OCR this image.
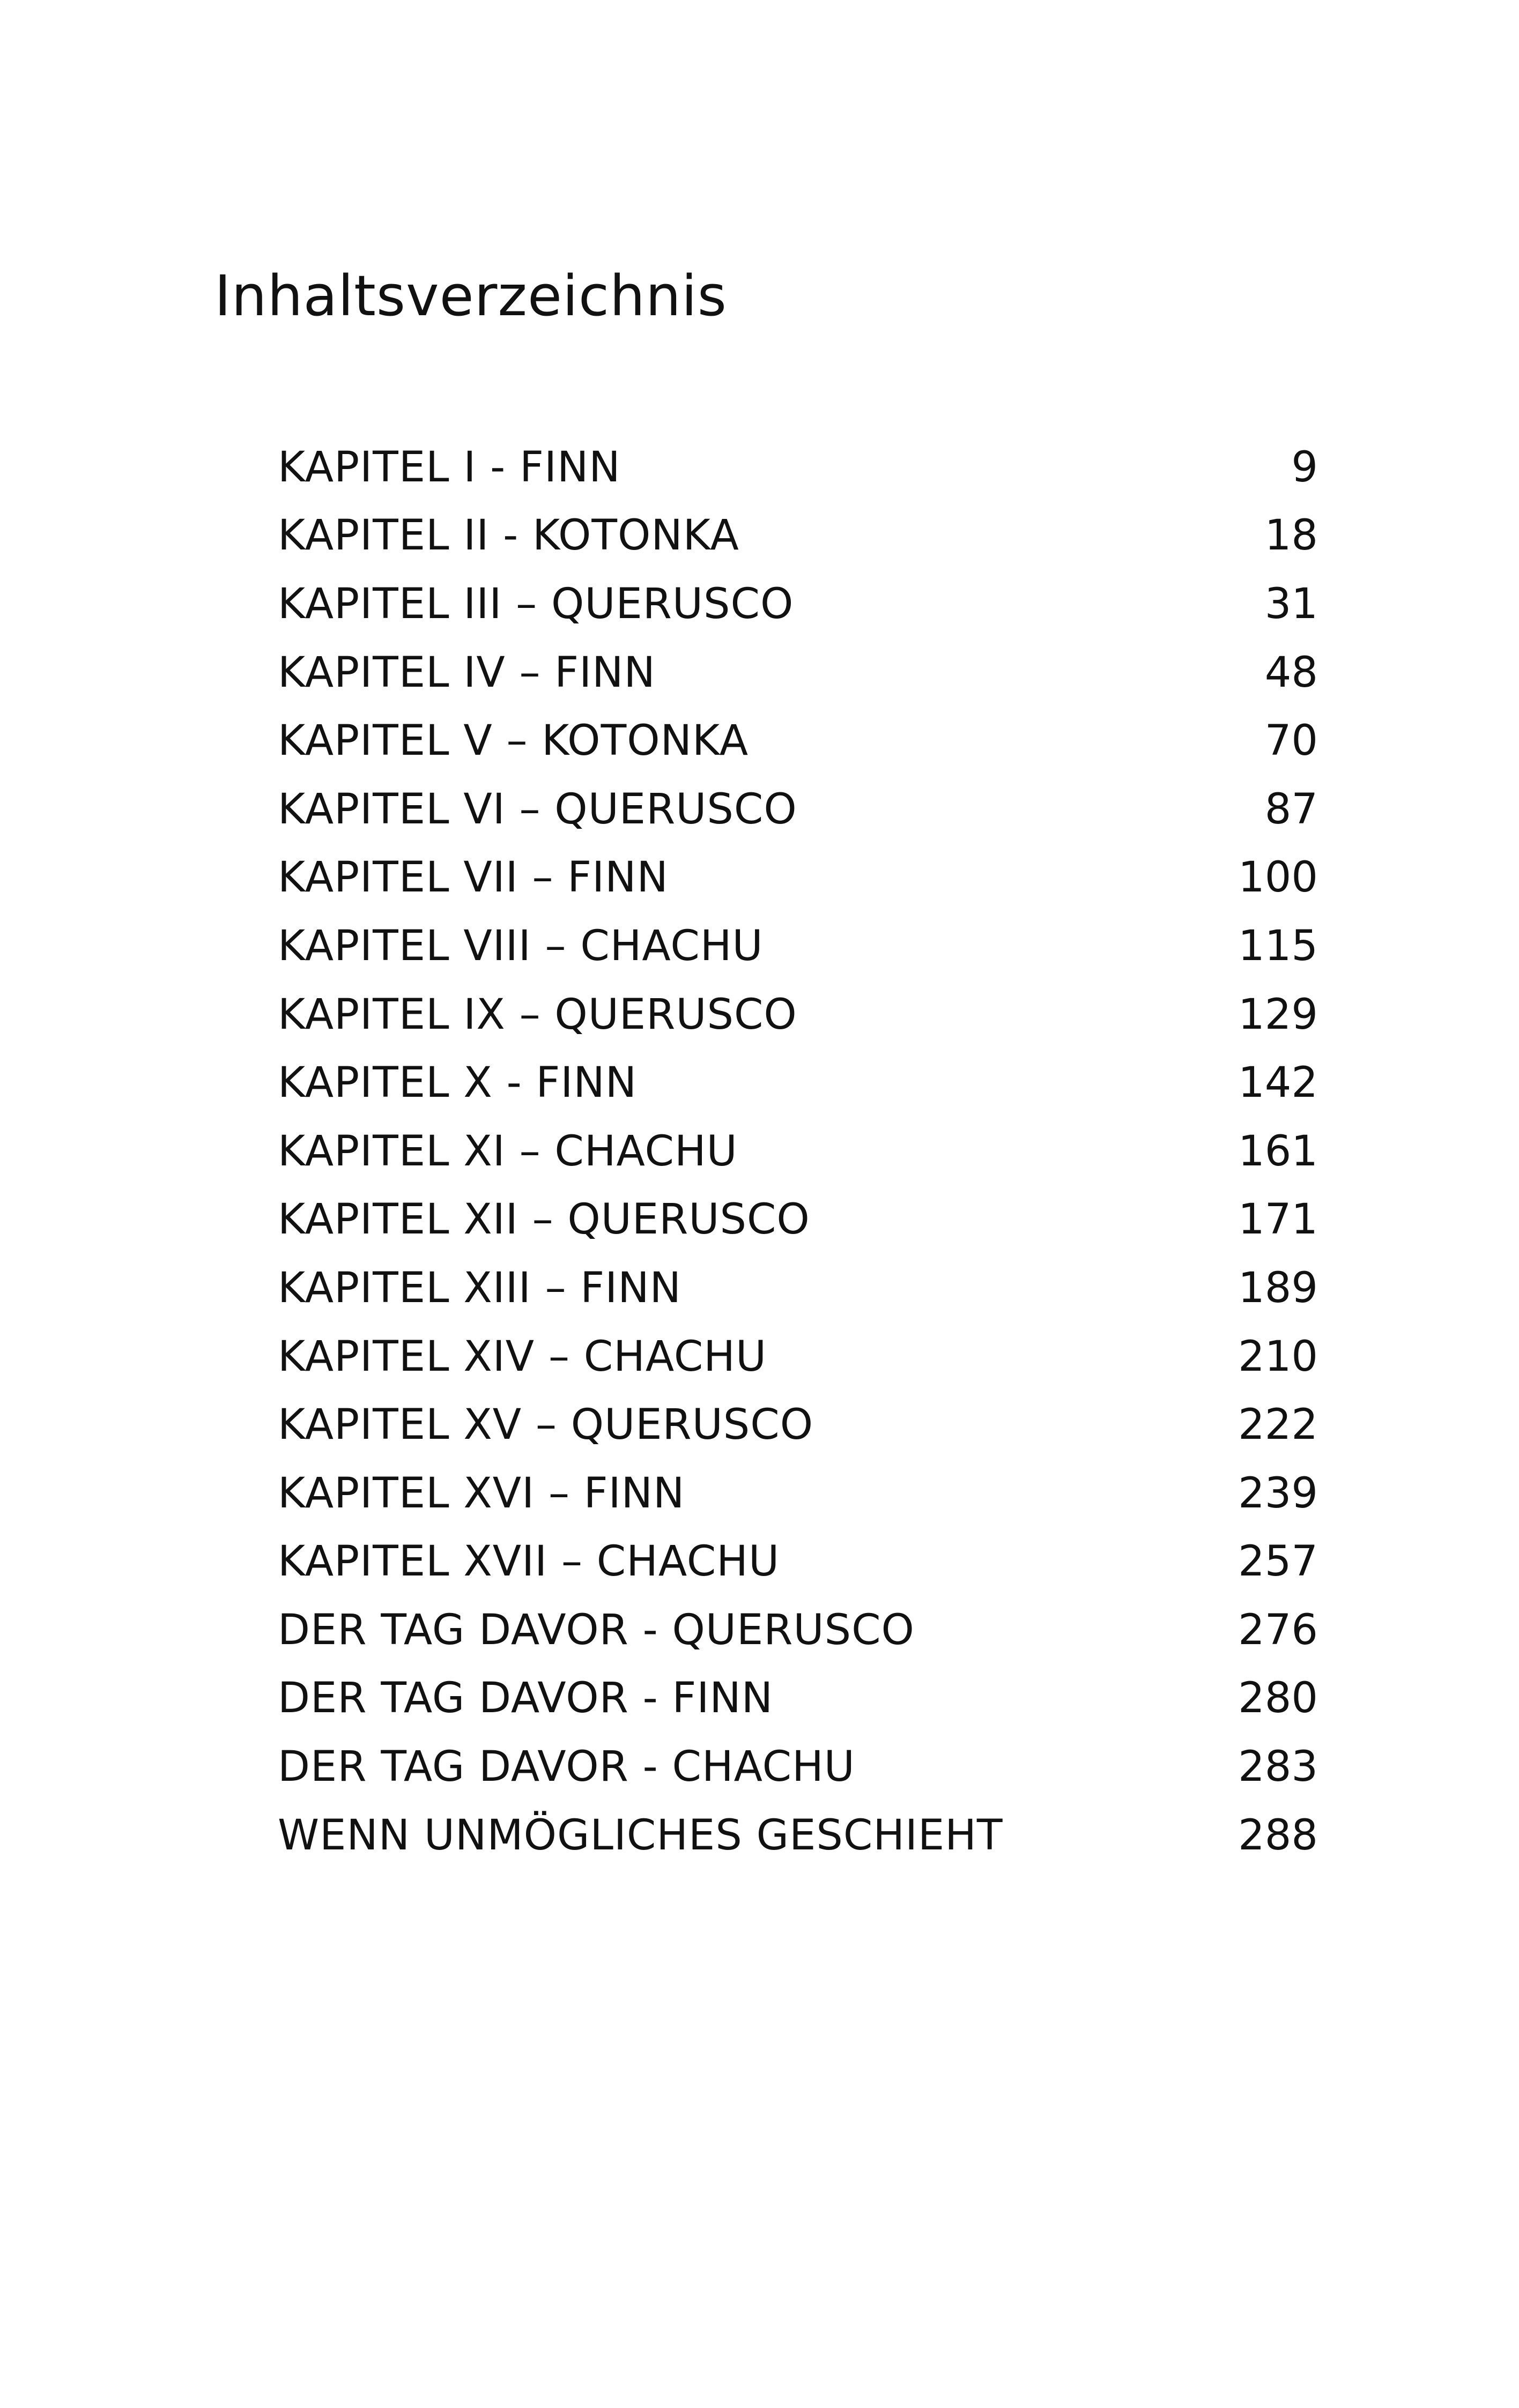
Inhaltsverzeichnis
KAPITEL I - FINN	9
KAPITEL II - KOTONKA	18
KAPITEL III – QUERUSCO	31
KAPITEL IV – FINN	48
KAPITEL V – KOTONKA	70
KAPITEL VI – QUERUSCO	87
KAPITEL VII – FINN	100
KAPITEL VIII – CHACHU	115
KAPITEL IX – QUERUSCO	129
KAPITEL X - FINN	142
KAPITEL XI – CHACHU	161
KAPITEL XII – QUERUSCO	171
KAPITEL XIII – FINN	189
KAPITEL XIV – CHACHU	210
KAPITEL XV – QUERUSCO	222
KAPITEL XVI – FINN	239
KAPITEL XVII – CHACHU	257
DER TAG DAVOR - QUERUSCO	276
DER TAG DAVOR - FINN	280
DER TAG DAVOR - CHACHU	283
WENN UNMÖGLICHES GESCHIEHT	288
